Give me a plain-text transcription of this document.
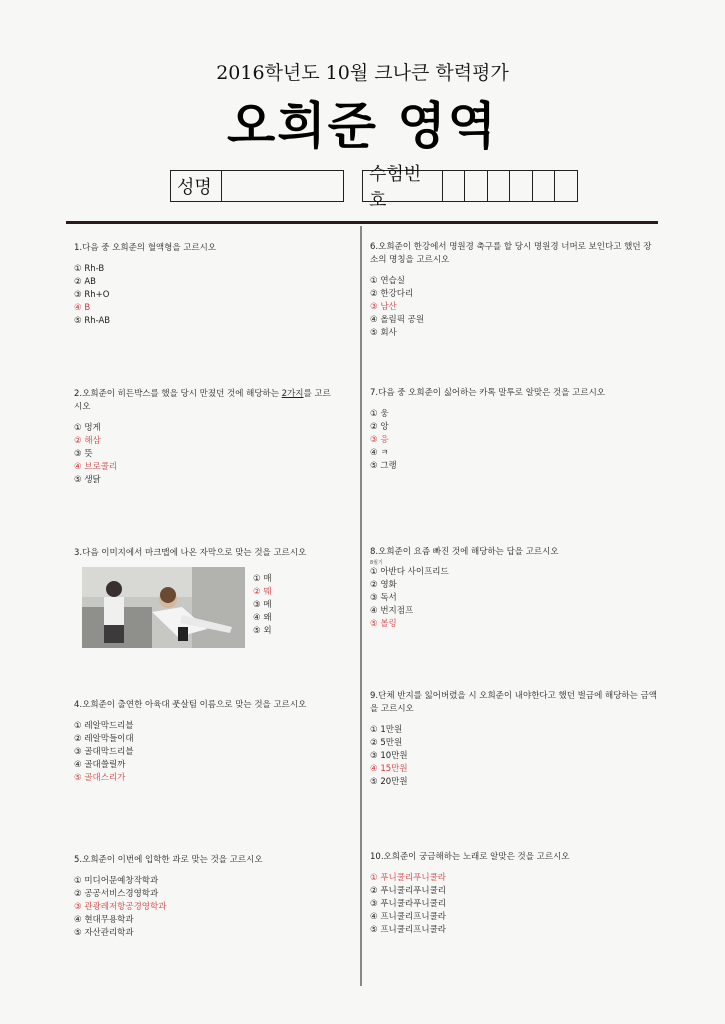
2016학년도 10월 크나큰 학력평가
오희준 영역
성명
수험번호
1.다음 중 오희준의 혈액형을 고르시오
① Rh-B
② AB
③ Rh+O
④ B
⑤ Rh-AB
2.오희준이 히든박스를 했을 당시 만졌던 것에 해당하는 2가지를 고르시오
① 멍게
② 해삼
③ 뜻
④ 브로콜리
⑤ 생닭
3.다음 이미지에서 마크맵에 나온 자막으로 맞는 것을 고르시오
① 매
② 뭬
③ 메
④ 왜
⑤ 외
4.오희준이 출연한 아육대 풋살팀 이름으로 맞는 것을 고르시오
① 레알막드리블
② 레알막들이대
③ 골대막드리블
④ 골대쓸릴까
⑤ 골대스리가
5.오희준이 이번에 입학한 과로 맞는 것을 고르시오
① 미디어문예창작학과
② 공공서비스경영학과
③ 관광레저항공경영학과
④ 현대무용학과
⑤ 자산관리학과
6.오희준이 한강에서 명원경 축구를 할 당시 명원경 너머로 보인다고 했던 장소의 명칭을 고르시오
① 연습실
② 한강다리
③ 남산
④ 올림픽 공원
⑤ 회사
7.다음 중 오희준이 싫어하는 카톡 말투로 알맞은 것을 고르시오
① 웅
② 앙
③ 응
④ ㅋ
⑤ 그랭
8.오희준이 요즘 빠진 것에 해당하는 답을 고르시오
8월기
① 아반다 사이프리드
② 영화
③ 독서
④ 번지점프
⑤ 볼링
9.단체 반지를 잃어버렸을 시 오희준이 내야한다고 했던 벌금에 해당하는 금액을 고르시오
① 1만원
② 5만원
③ 10만원
④ 15만원
⑤ 20만원
10.오희준이 궁금해하는 노래로 알맞은 것을 고르시오
① 푸니쿨리푸니쿨라
② 푸니쿨리푸니쿨리
③ 푸니쿨라푸니쿨리
④ 프니쿨리프니쿨라
⑤ 프니쿨리프니쿨라
